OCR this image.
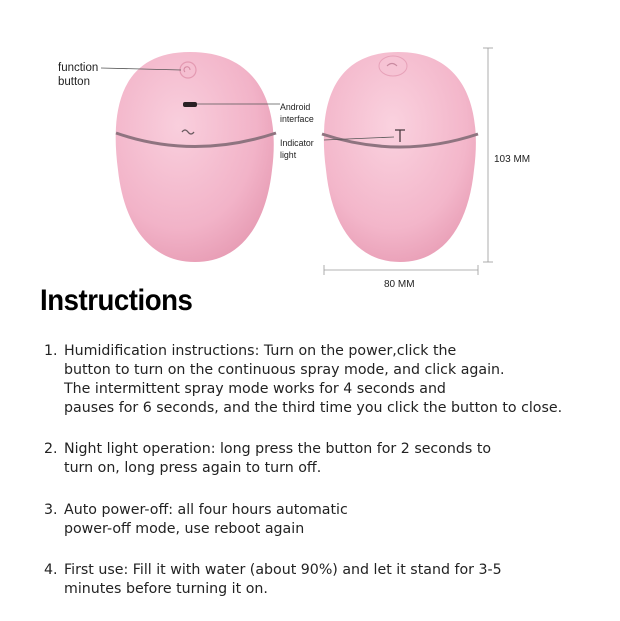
function
button
Android
interface
Indicator
light	103 MM
80 MM
Instructions
1. Humidification instructions: Turn on the power,click the
button to turn on the continuous spray mode, and click again.
The intermittent spray mode works for 4 seconds and
pauses for 6 seconds, and the third time you click the button to close.
2. Night light operation: long press the button for 2 seconds to
turn on, long press again to turn off.
3. Auto power-off: all four hours automatic
power-off mode, use reboot again
4. First use: Fill it with water (about 90%) and let it stand for 3-5
minutes before turning it on.
